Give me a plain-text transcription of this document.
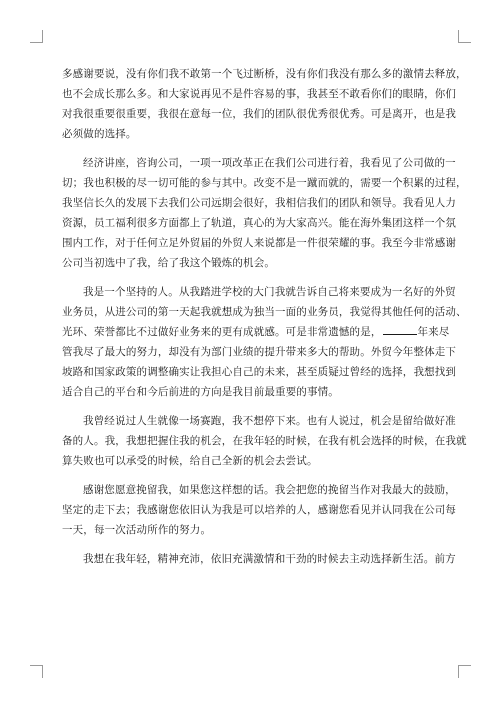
多感谢要说，没有你们我不敢第一个飞过断桥，没有你们我没有那么多的激情去释放，
也不会成长那么多。和大家说再见不是件容易的事，我甚至不敢看你们的眼睛，你们
对我很重要很重要，我很在意每一位，我们的团队很优秀很优秀。可是离开，也是我
必须做的选择。

经济讲座，咨询公司，一项一项改革正在我们公司进行着，我看见了公司做的一
切；我也积极的尽一切可能的参与其中。改变不是一蹴而就的，需要一个积累的过程，
我坚信长久的发展下去我们公司远期会很好，我相信我们的团队和领导。我看见人力
资源，员工福利很多方面都上了轨道，真心的为大家高兴。能在海外集团这样一个氛
围内工作，对于任何立足外贸届的外贸人来说都是一件很荣耀的事。我至今非常感谢
公司当初选中了我，给了我这个锻炼的机会。

我是一个坚持的人。从我踏进学校的大门我就告诉自己将来要成为一名好的外贸
业务员，从进公司的第一天起我就想成为独当一面的业务员，我觉得其他任何的活动、
光环、荣誉都比不过做好业务来的更有成就感。可是非常遗憾的是，	年来尽
管我尽了最大的努力，却没有为部门业绩的提升带来多大的帮助。外贸今年整体走下
坡路和国家政策的调整确实让我担心自己的未来，甚至质疑过曾经的选择，我想找到
适合自己的平台和今后前进的方向是我目前最重要的事情。

我曾经说过人生就像一场赛跑，我不想停下来。也有人说过，机会是留给做好准
备的人。我，我想把握住我的机会，在我年轻的时候，在我有机会选择的时候，在我就
算失败也可以承受的时候，给自己全新的机会去尝试。

感谢您愿意挽留我，如果您这样想的话。我会把您的挽留当作对我最大的鼓励，
坚定的走下去；我感谢您依旧认为我是可以培养的人，感谢您看见并认同我在公司每
一天，每一次活动所作的努力。

我想在我年轻，精神充沛，依旧充满激情和干劲的时候去主动选择新生活。前方
